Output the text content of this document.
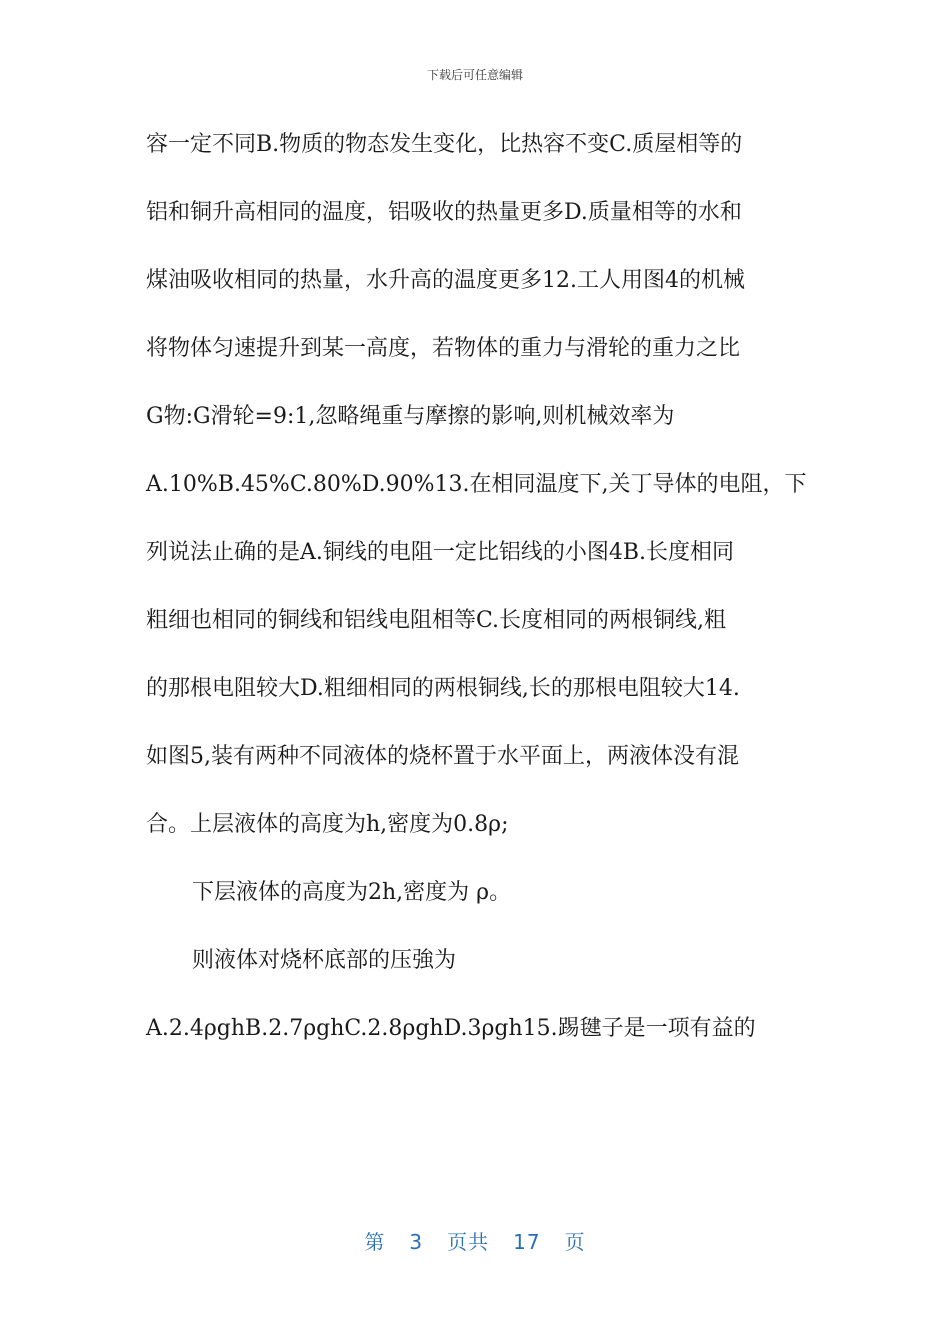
下载后可任意编辑
容一定不同B.物质的物态发生变化，比热容不变C.质屋相等的
铝和铜升高相同的温度，铝吸收的热量更多D.质量相等的水和
煤油吸收相同的热量，水升高的温度更多12.工人用图4的机械
将物体匀速提升到某一高度，若物体的重力与滑轮的重力之比
G物:G滑轮=9:1,忽略绳重与摩擦的影响,则机械效率为
A.10%B.45%C.80%D.90%13.在相同温度下,关丁导体的电阻，下
列说法止确的是A.铜线的电阻一定比铝线的小图4B.长度相同
粗细也相同的铜线和铝线电阻相等C.长度相同的两根铜线,粗
的那根电阻较大D.粗细相同的两根铜线,长的那根电阻较大14.
如图5,装有两种不同液体的烧杯置于水平面上，两液体没有混
合。上层液体的高度为h,密度为0.8ρ;
下层液体的高度为2h,密度为 ρ。
则液体对烧杯底部的压強为
A.2.4ρghB.2.7ρghC.2.8ρghD.3ρgh15.踢毽子是一项有益的
第 3 页共 17 页
